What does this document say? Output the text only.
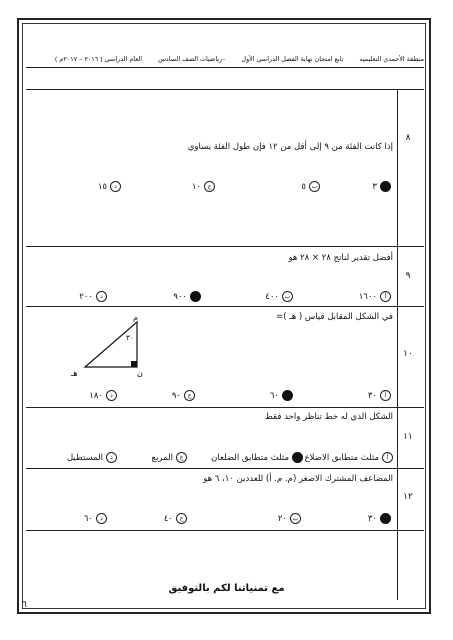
منطقة الأحمدي التعليميه تابع امتحان نهاية الفصل الدراسي الأول –رياضيات الصف السادس العام الدراسي ( ٢٠١٦ – ٢٠١٧م )
٨
إذا كانت الفئة من ٩ إلى أقل من ١٢ فإن طول الفئة يساوي
٣
ب
٥
ج
١٠
د
١٥
٩
أفضل تقدير لناتج ٢٨ × ٢٨ هو
أ
١٦٠٠
ب
٤٠٠
٩٠٠
د
٢٠٠
١٠
في الشكل المقابل قياس ( هـ )=
م
هـ	ن
٣٠
أ
٣٠
٦٠
ج
٩٠
د
١٨٠
١١
الشكل الذي له خط تناظر واحد فقط
أ
مثلث متطابق الاضلاع
مثلث متطابق الضلعان
ج
المربع
د
المستطيل
١٢
المضاعف المشترك الاصغر (م. م. أ) للعددين ١٠، ٦ هو
٣٠
ب
٢٠
ج
٤٠
د
٦٠
مع تمنياتنا لكم بالتوفيق
٦
